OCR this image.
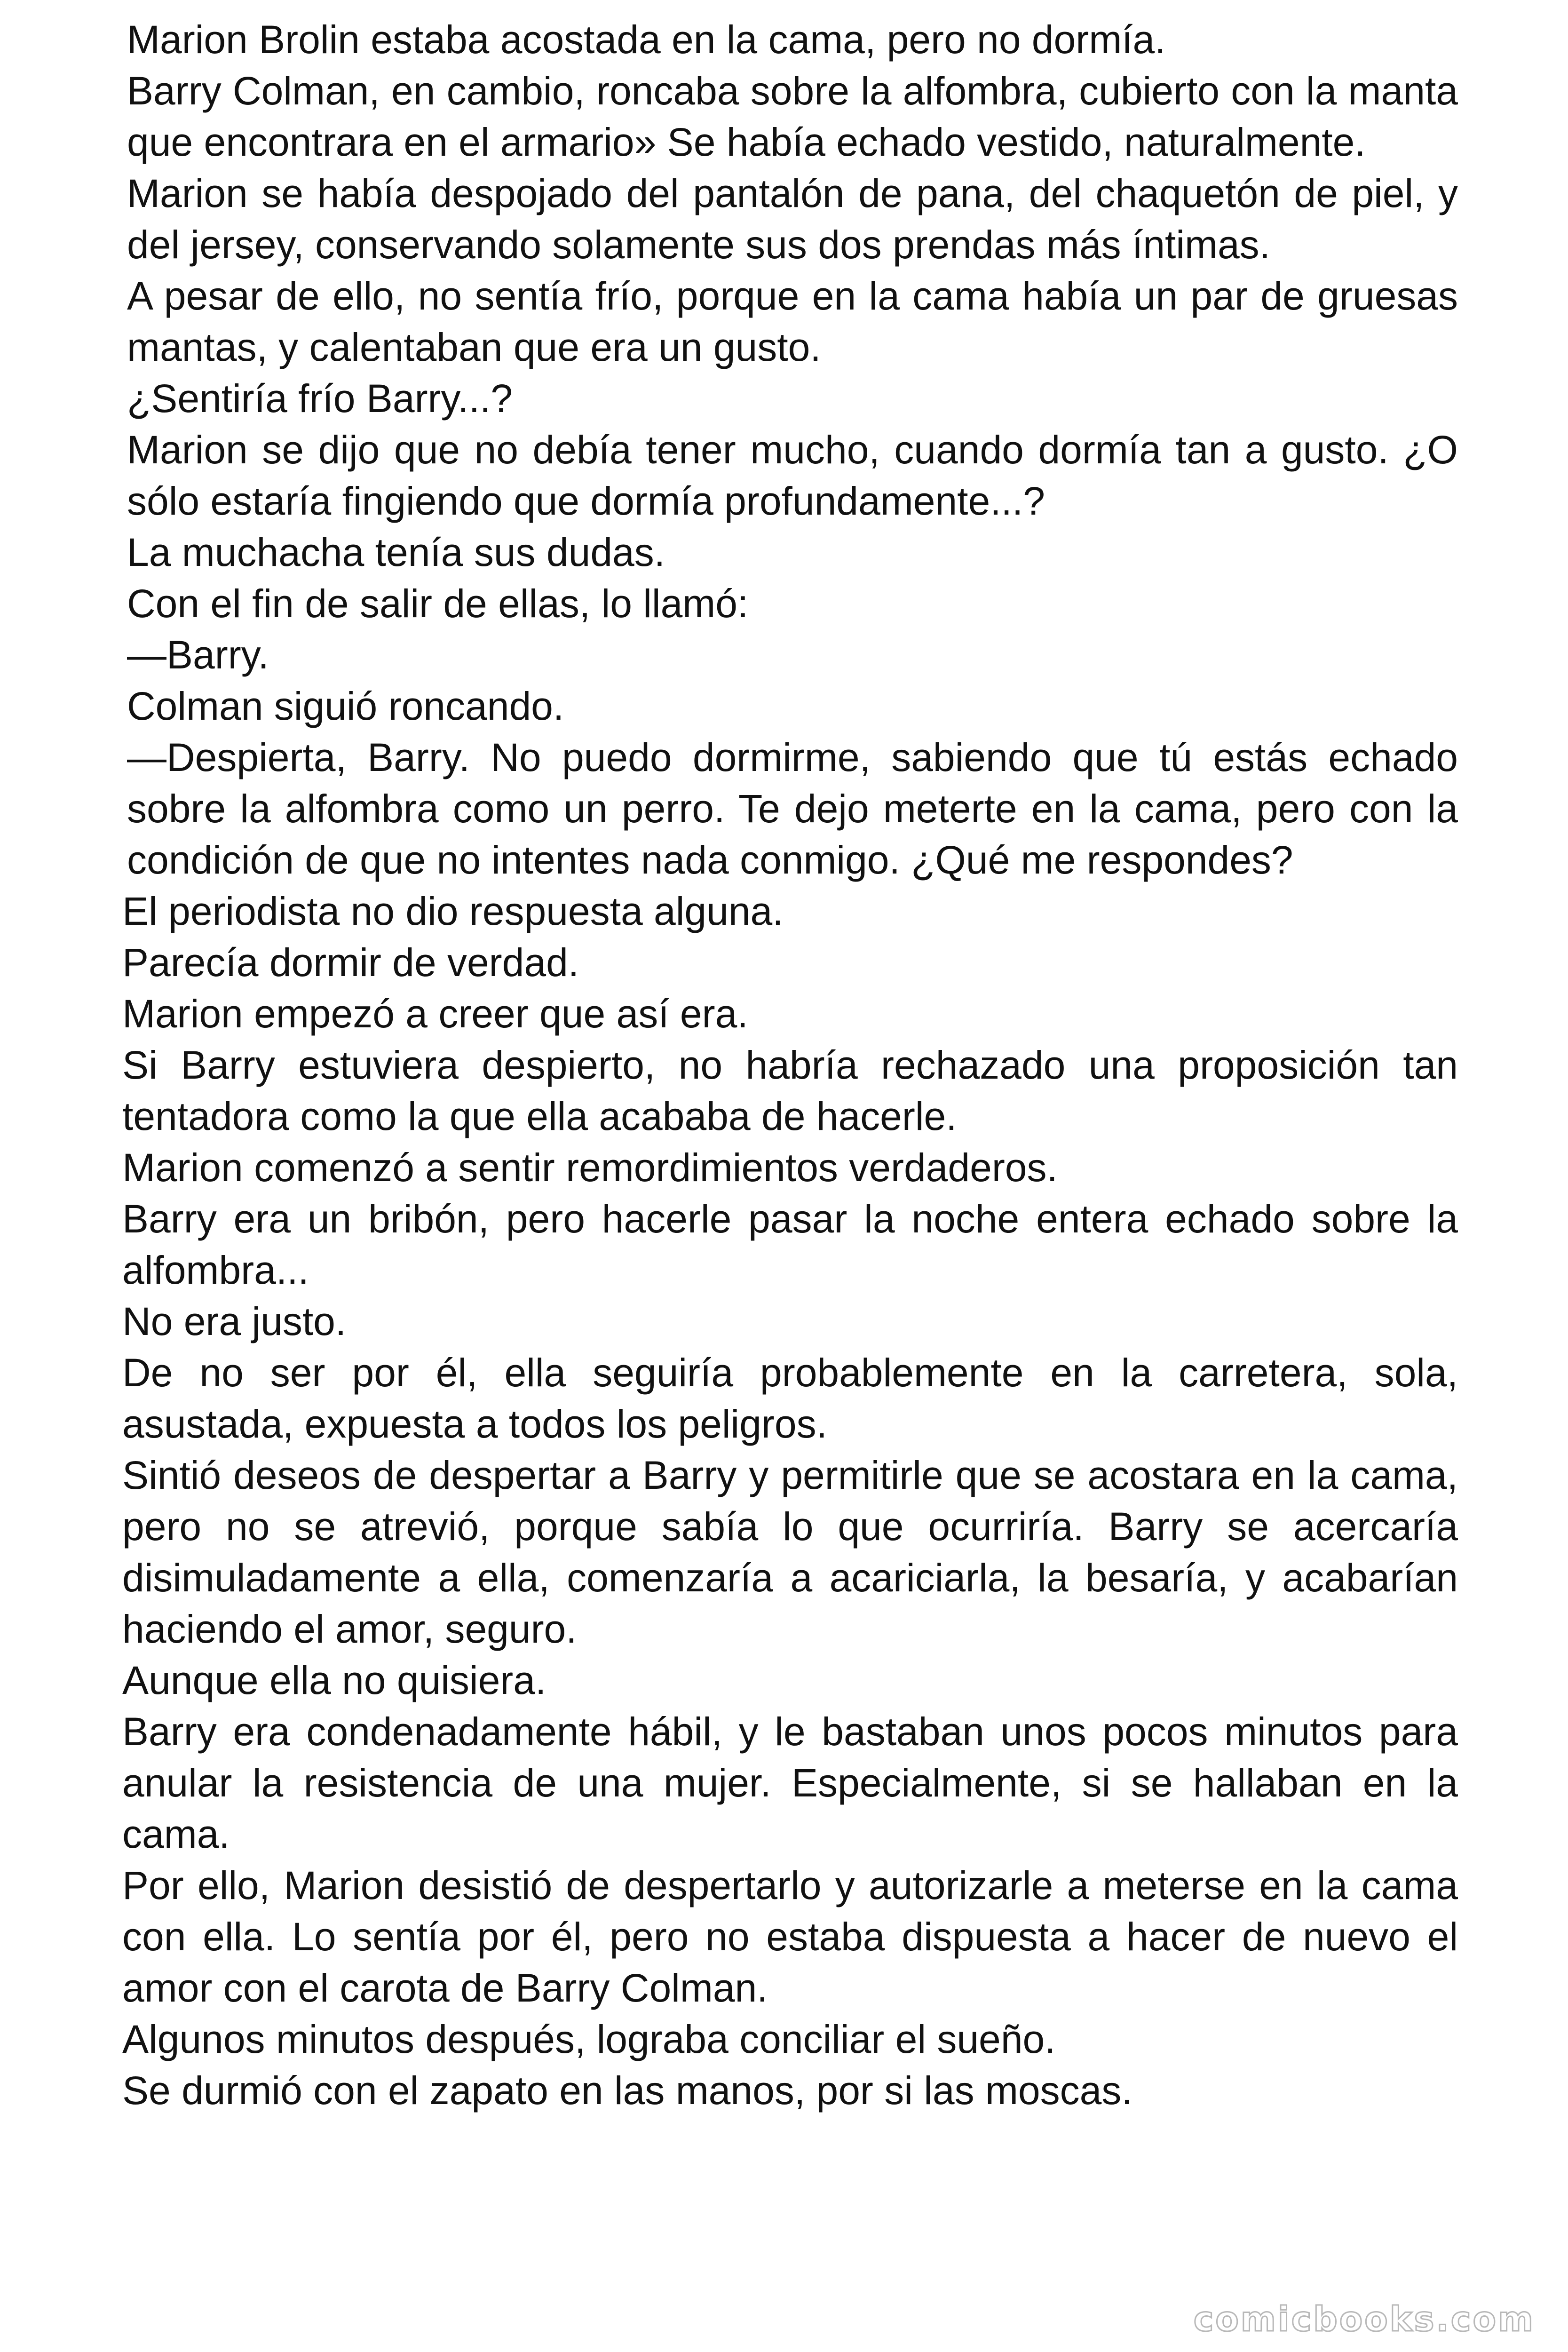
Marion Brolin estaba acostada en la cama, pero no dormía.

Barry Colman, en cambio, roncaba sobre la alfombra, cubierto con la manta que encontrara en el armario» Se había echado vestido, naturalmente.

Marion se había despojado del pantalón de pana, del chaquetón de piel, y del jersey, conservando solamente sus dos prendas más íntimas.

A pesar de ello, no sentía frío, porque en la cama había un par de gruesas mantas, y calentaban que era un gusto.

¿Sentiría frío Barry...?

Marion se dijo que no debía tener mucho, cuando dormía tan a gusto. ¿O sólo estaría fingiendo que dormía profundamente...?

La muchacha tenía sus dudas.

Con el fin de salir de ellas, lo llamó:

—Barry.

Colman siguió roncando.

—Despierta, Barry. No puedo dormirme, sabiendo que tú estás echado sobre la alfombra como un perro. Te dejo meterte en la cama, pero con la condición de que no intentes nada conmigo. ¿Qué me respondes?

El periodista no dio respuesta alguna.

Parecía dormir de verdad.

Marion empezó a creer que así era.

Si Barry estuviera despierto, no habría rechazado una proposición tan tentadora como la que ella acababa de hacerle.

Marion comenzó a sentir remordimientos verdaderos.

Barry era un bribón, pero hacerle pasar la noche entera echado sobre la alfombra...

No era justo.

De no ser por él, ella seguiría probablemente en la carretera, sola, asustada, expuesta a todos los peligros.

Sintió deseos de despertar a Barry y permitirle que se acostara en la cama, pero no se atrevió, porque sabía lo que ocurriría. Barry se acercaría disimuladamente a ella, comenzaría a acariciarla, la besaría, y acabarían haciendo el amor, seguro.

Aunque ella no quisiera.

Barry era condenadamente hábil, y le bastaban unos pocos minutos para anular la resistencia de una mujer. Especialmente, si se hallaban en la cama.

Por ello, Marion desistió de despertarlo y autorizarle a meterse en la cama con ella. Lo sentía por él, pero no estaba dispuesta a hacer de nuevo el amor con el carota de Barry Colman.

Algunos minutos después, lograba conciliar el sueño.

Se durmió con el zapato en las manos, por si las moscas.

comicbooks.com
